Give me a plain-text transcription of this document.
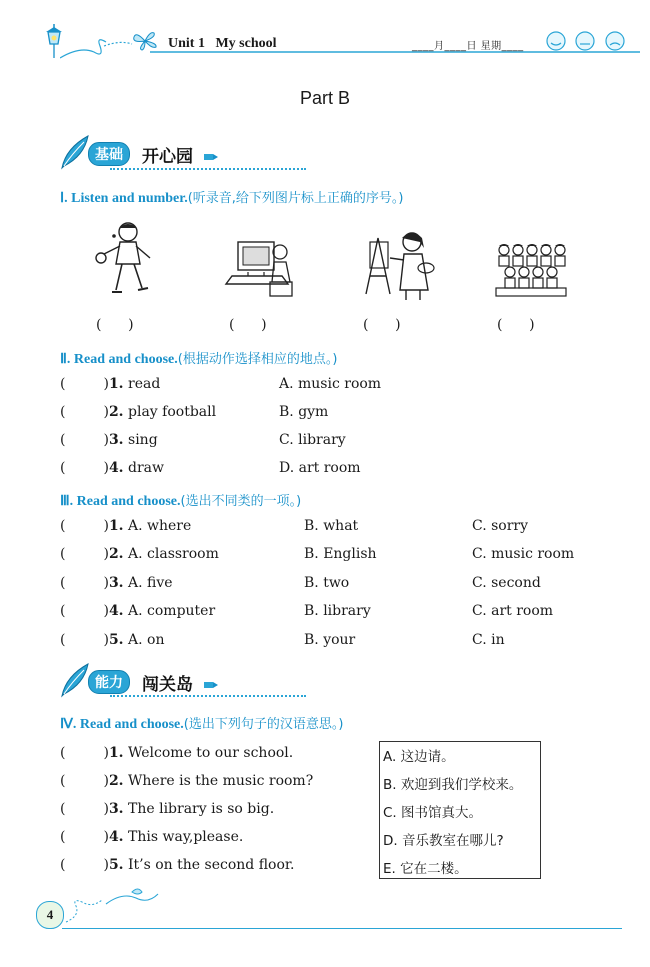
Unit 1 My school	____月____日 星期____
Part B
基础	开心园
Ⅰ. Listen and number.(听录音,给下列图片标上正确的序号。)
(      )	(      )	(      )	(      )
Ⅱ. Read and choose.(根据动作选择相应的地点。)
(	)1. read	A. music room
(	)2. play football	B. gym
(	)3. sing	C. library
(	)4. draw	D. art room
Ⅲ. Read and choose.(选出不同类的一项。)
(	)1. A. where	B. what	C. sorry
(	)2. A. classroom	B. English	C. music room
(	)3. A. five	B. two	C. second
(	)4. A. computer	B. library	C. art room
(	)5. A. on	B. your	C. in
能力	闯关岛
Ⅳ. Read and choose.(选出下列句子的汉语意思。)
(	)1. Welcome to our school.
(	)2. Where is the music room?
(	)3. The library is so big.
(	)4. This way,please.
(	)5. It’s on the second floor.
A. 这边请。
B. 欢迎到我们学校来。
C. 图书馆真大。
D. 音乐教室在哪儿?
E. 它在二楼。
4
